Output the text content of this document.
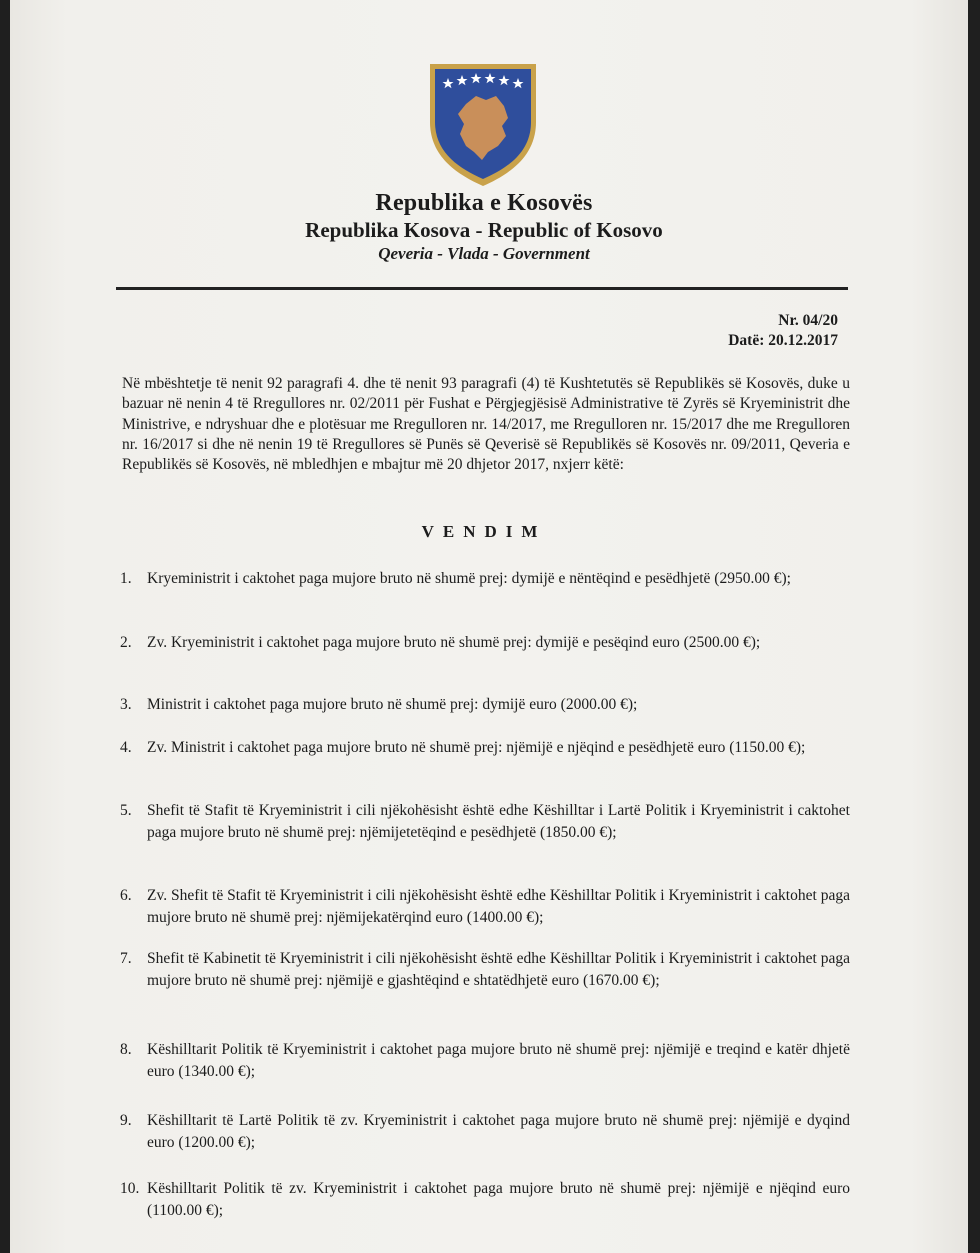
Republika e Kosovës
Republika Kosova - Republic of Kosovo
Qeveria - Vlada - Government
Nr. 04/20
Datë: 20.12.2017
Në mbështetje të nenit 92 paragrafi 4. dhe të nenit 93 paragrafi (4) të Kushtetutës së Republikës së Kosovës, duke u bazuar në nenin 4 të Rregullores nr. 02/2011 për Fushat e Përgjegjësisë Administrative të Zyrës së Kryeministrit dhe Ministrive, e ndryshuar dhe e plotësuar me Rregulloren nr. 14/2017, me Rregulloren nr. 15/2017 dhe me Rregulloren nr. 16/2017 si dhe në nenin 19 të Rregullores së Punës së Qeverisë së Republikës së Kosovës nr. 09/2011, Qeveria e Republikës së Kosovës, në mbledhjen e mbajtur më 20 dhjetor 2017, nxjerr këtë:
VENDIM
1. Kryeministrit i caktohet paga mujore bruto në shumë prej: dymijë e nëntëqind e pesëdhjetë (2950.00 €);
2. Zv. Kryeministrit i caktohet paga mujore bruto në shumë prej: dymijë e pesëqind euro (2500.00 €);
3. Ministrit i caktohet paga mujore bruto në shumë prej: dymijë euro (2000.00 €);
4. Zv. Ministrit i caktohet paga mujore bruto në shumë prej: njëmijë e njëqind e pesëdhjetë euro (1150.00 €);
5. Shefit të Stafit të Kryeministrit i cili njëkohësisht është edhe Këshilltar i Lartë Politik i Kryeministrit i caktohet paga mujore bruto në shumë prej: njëmijetetëqind e pesëdhjetë (1850.00 €);
6. Zv. Shefit të Stafit të Kryeministrit i cili njëkohësisht është edhe Këshilltar Politik i Kryeministrit i caktohet paga mujore bruto në shumë prej: njëmijekatërqind euro (1400.00 €);
7. Shefit të Kabinetit të Kryeministrit i cili njëkohësisht është edhe Këshilltar Politik i Kryeministrit i caktohet paga mujore bruto në shumë prej: njëmijë e gjashtëqind e shtatëdhjetë euro (1670.00 €);
8. Këshilltarit Politik të Kryeministrit i caktohet paga mujore bruto në shumë prej: njëmijë e treqind e katër dhjetë euro (1340.00 €);
9. Këshilltarit të Lartë Politik të zv. Kryeministrit i caktohet paga mujore bruto në shumë prej: njëmijë e dyqind euro (1200.00 €);
10. Këshilltarit Politik të zv. Kryeministrit i caktohet paga mujore bruto në shumë prej: njëmijë e njëqind euro (1100.00 €);
